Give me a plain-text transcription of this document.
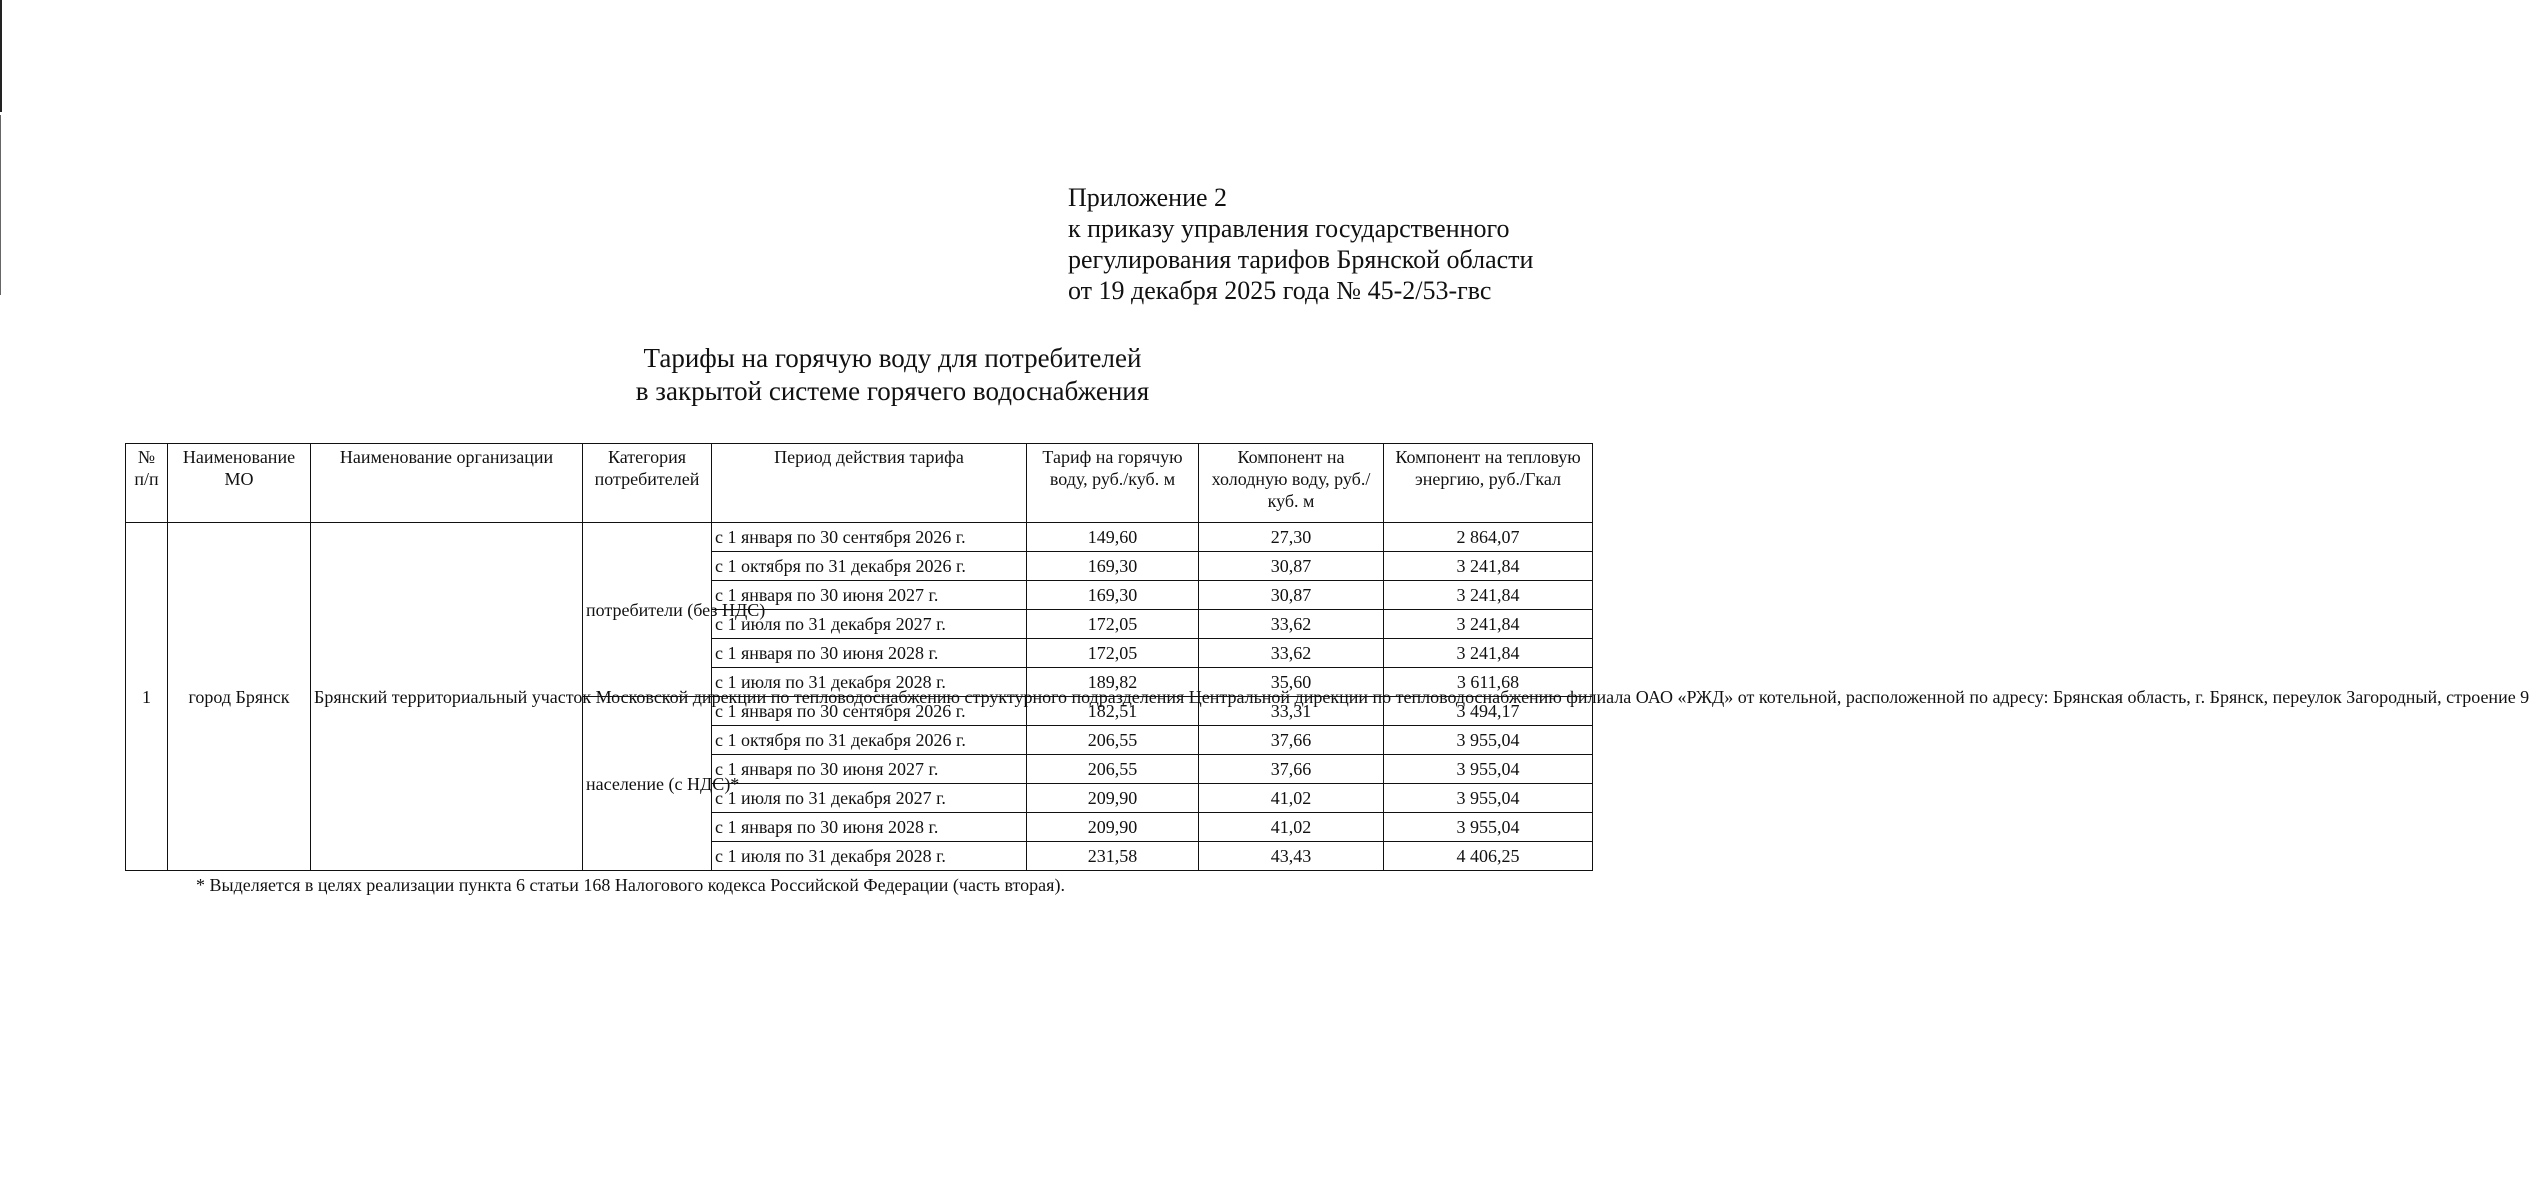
Приложение 2
к приказу управления государственного
регулирования тарифов Брянской области
от 19 декабря 2025 года № 45-2/53-гвс
Тарифы на горячую воду для потребителей
в закрытой системе горячего водоснабжения
№ п/п	Наименование МО	Наименование организации	Категория потребителей	Период действия тарифа	Тариф на горячую воду, руб./куб. м	Компонент на холодную воду, руб./куб. м	Компонент на тепловую энергию, руб./Гкал
1	город Брянск	Брянский территориальный участок Московской дирекции по тепловодоснабжению структурного подразделения Центральной дирекции по тепловодоснабжению филиала ОАО «РЖД» от котельной, расположенной по адресу: Брянская область, г. Брянск, переулок Загородный, строение 9	потребители (без НДС)	с 1 января по 30 сентября 2026 г.	149,60	27,30	2 864,07
				с 1 октября по 31 декабря 2026 г.	169,30	30,87	3 241,84
				с 1 января по 30 июня 2027 г.	169,30	30,87	3 241,84
				с 1 июля по 31 декабря 2027 г.	172,05	33,62	3 241,84
				с 1 января по 30 июня 2028 г.	172,05	33,62	3 241,84
				с 1 июля по 31 декабря 2028 г.	189,82	35,60	3 611,68
			население (с НДС)*	с 1 января по 30 сентября 2026 г.	182,51	33,31	3 494,17
				с 1 октября по 31 декабря 2026 г.	206,55	37,66	3 955,04
				с 1 января по 30 июня 2027 г.	206,55	37,66	3 955,04
				с 1 июля по 31 декабря 2027 г.	209,90	41,02	3 955,04
				с 1 января по 30 июня 2028 г.	209,90	41,02	3 955,04
				с 1 июля по 31 декабря 2028 г.	231,58	43,43	4 406,25
* Выделяется в целях реализации пункта 6 статьи 168 Налогового кодекса Российской Федерации (часть вторая).
